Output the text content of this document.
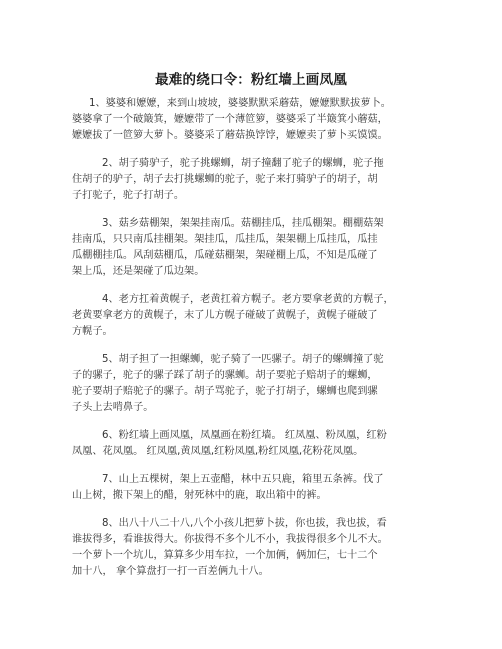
最难的绕口令：粉红墙上画凤凰
1、婆婆和嬷嬷，来到山坡坡，婆婆默默采蘑菇，嬷嬷默默拔萝卜。
婆婆拿了一个破簸箕，嬷嬷带了一个薄笸箩，婆婆采了半簸箕小蘑菇，
嬷嬷拔了一笸箩大萝卜。婆婆采了蘑菇换饽饽，嬷嬷卖了萝卜买馍馍。
2、胡子骑驴子，驼子挑螺蛳，胡子撞翻了驼子的螺蛳，驼子拖
住胡子的驴子，胡子去打挑螺蛳的驼子，驼子来打骑驴子的胡子，胡
子打驼子，驼子打胡子。
3、菇乡菇棚架，架架挂南瓜。菇棚挂瓜，挂瓜棚架。棚棚菇架
挂南瓜，只只南瓜挂棚架。架挂瓜，瓜挂瓜，架架棚上瓜挂瓜，瓜挂
瓜棚棚挂瓜。风刮菇棚瓜，瓜碰菇棚架，架碰棚上瓜，不知是瓜碰了
架上瓜，还是架碰了瓜边架。
4、老方扛着黄幌子，老黄扛着方幌子。老方要拿老黄的方幌子，
老黄要拿老方的黄幌子，末了儿方幌子碰破了黄幌子，黄幌子碰破了
方幌子。
5、胡子担了一担螺蛳，驼子骑了一匹骡子。胡子的螺蛳撞了驼
子的骡子，驼子的骡子踩了胡子的骡蛳。胡子要驼子赔胡子的螺蛳，
驼子要胡子赔驼子的骡子。胡子骂驼子，驼子打胡子，螺蛳也爬到骡
子头上去啃鼻子。
6、粉红墙上画凤凰，凤凰画在粉红墙。 红凤凰、粉凤凰，红粉
凤凰、花凤凰。 红凤凰,黄凤凰,红粉凤凰,粉红凤凰,花粉花凤凰。
7、山上五棵树，架上五壶醋，林中五只鹿，箱里五条裤。伐了
山上树，搬下架上的醋，射死林中的鹿，取出箱中的裤。
8、出八十八二十八,八个小孩儿把萝卜拔，你也拔，我也拔，看
谁拔得多，看谁拔得大。你拔得不多个儿不小，我拔得很多个儿不大。
一个萝卜一个坑儿，算算多少用车拉，一个加俩，俩加仨，七十二个
加十八， 拿个算盘打一打一百差俩九十八。
